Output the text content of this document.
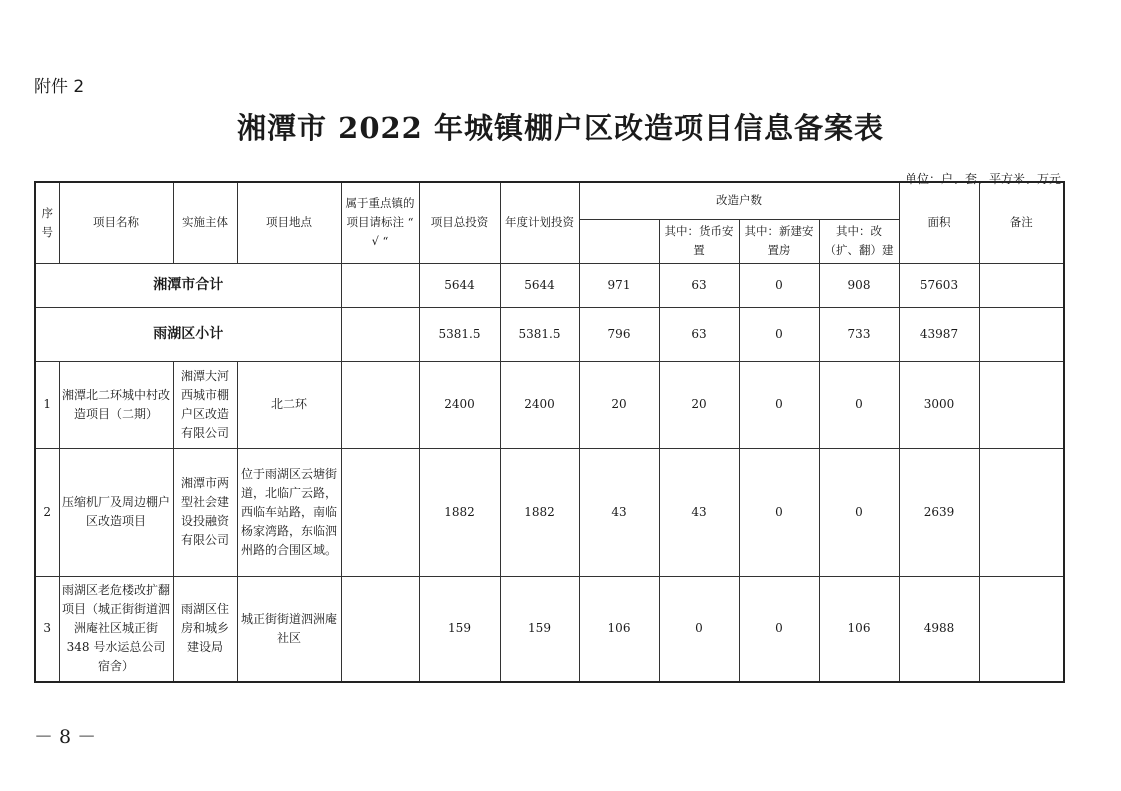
附件 2
湘潭市 2022 年城镇棚户区改造项目信息备案表
单位：户、套、平方米、万元
序号	项目名称	实施主体	项目地点	属于重点镇的项目请标注 “ √ “	项目总投资	年度计划投资	改造户数				面积	备注
								其中：货币安置	其中：新建安置房	其中：改（扩、翻）建		
湘潭市合计					5644	5644	971	63	0	908	57603	
雨湖区小计					5381.5	5381.5	796	63	0	733	43987	
1	湘潭北二环城中村改造项目（二期）	湘潭大河西城市棚户区改造有限公司	北二环		2400	2400	20	20	0	0	3000	
2	压缩机厂及周边棚户区改造项目	湘潭市两型社会建设投融资有限公司	位于雨湖区云塘街道，北临广云路，西临车站路，南临杨家湾路，东临泗州路的合围区域。		1882	1882	43	43	0	0	2639	
3	雨湖区老危楼改扩翻项目（城正街街道泗洲庵社区城正街 348 号水运总公司宿舍）	雨湖区住房和城乡建设局	城正街街道泗洲庵社区		159	159	106	0	0	106	4988	
－ 8 －
